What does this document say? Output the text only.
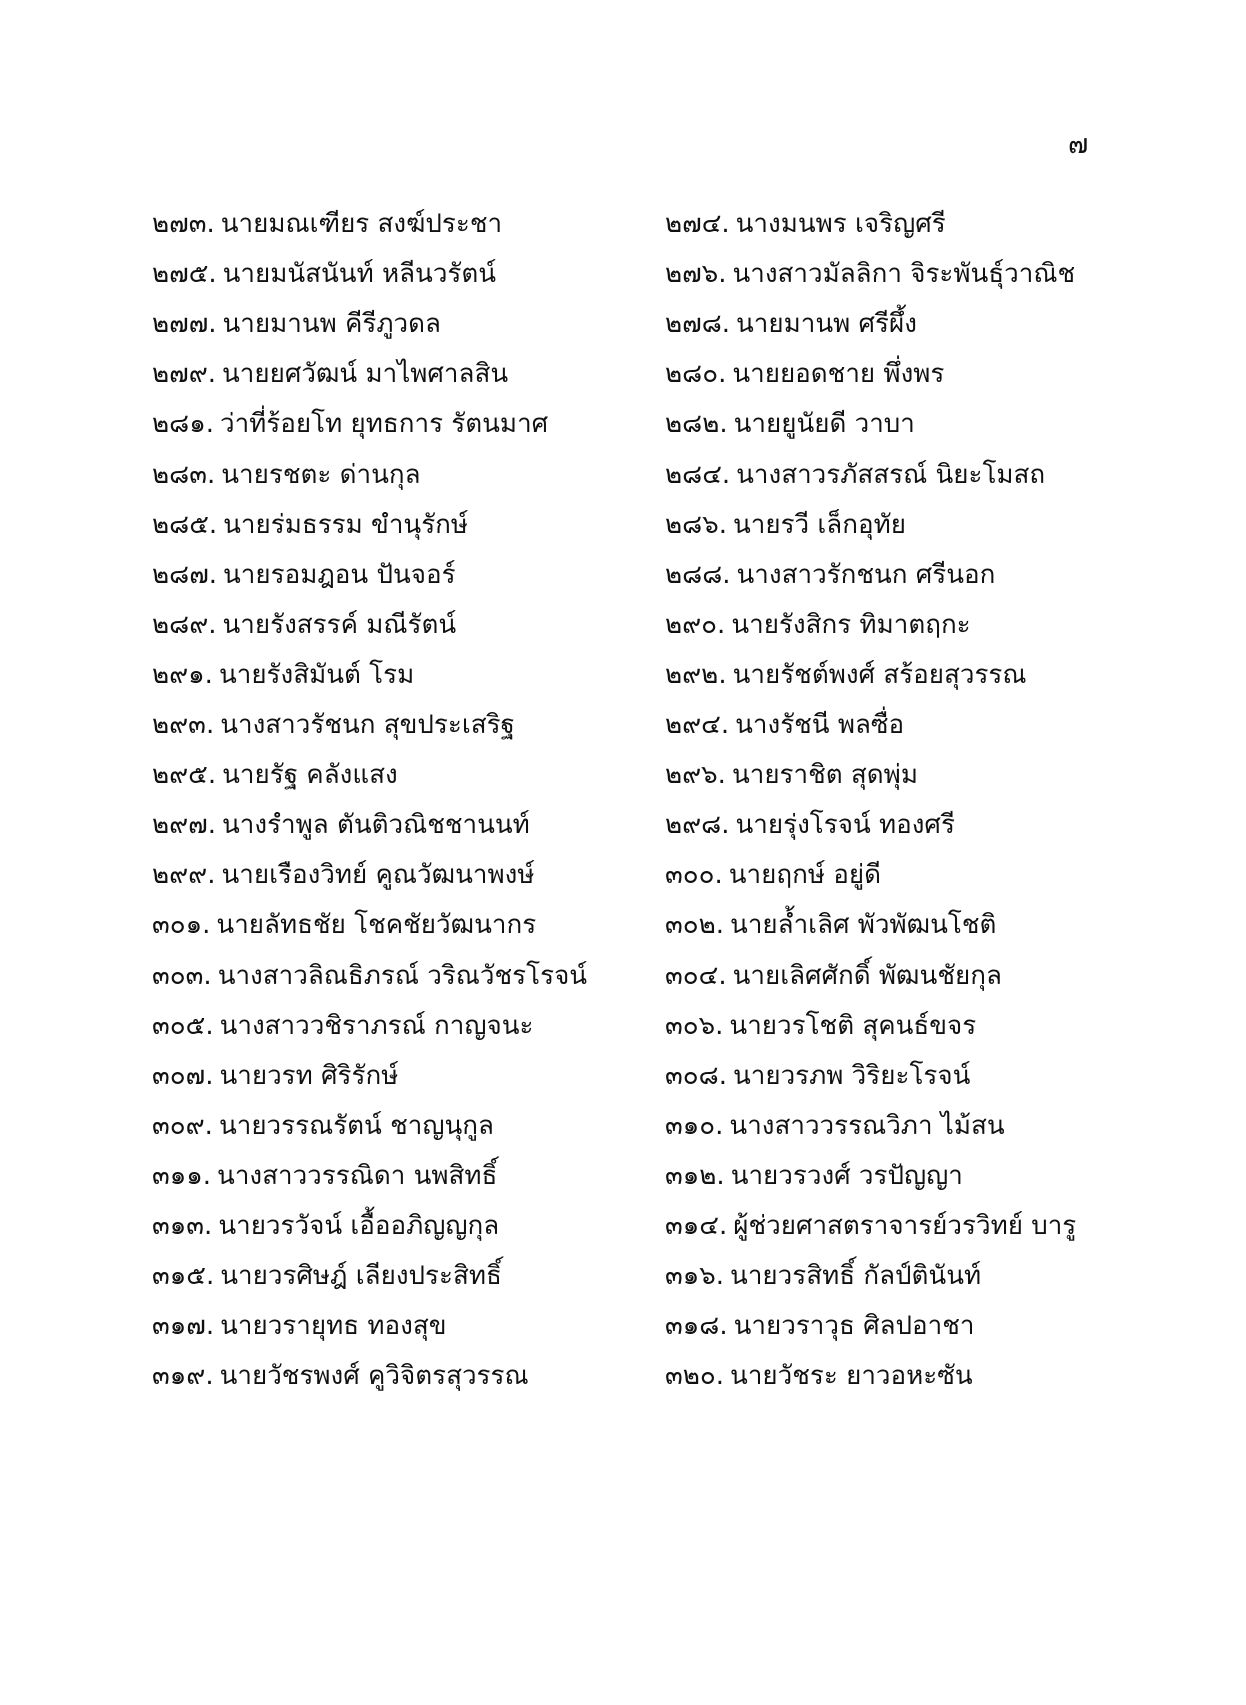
๗
๒๗๓. นายมณเฑียร สงฆ์ประชา	๒๗๔. นางมนพร เจริญศรี
๒๗๕. นายมนัสนันท์ หลีนวรัตน์	๒๗๖. นางสาวมัลลิกา จิระพันธุ์วาณิช
๒๗๗. นายมานพ คีรีภูวดล	๒๗๘. นายมานพ ศรีผึ้ง
๒๗๙. นายยศวัฒน์ มาไพศาลสิน	๒๘๐. นายยอดชาย พึ่งพร
๒๘๑. ว่าที่ร้อยโท ยุทธการ รัตนมาศ	๒๘๒. นายยูนัยดี วาบา
๒๘๓. นายรชตะ ด่านกุล	๒๘๔. นางสาวรภัสสรณ์ นิยะโมสถ
๒๘๕. นายร่มธรรม ขำนุรักษ์	๒๘๖. นายรวี เล็กอุทัย
๒๘๗. นายรอมฎอน ปันจอร์	๒๘๘. นางสาวรักชนก ศรีนอก
๒๘๙. นายรังสรรค์ มณีรัตน์	๒๙๐. นายรังสิกร ทิมาตฤกะ
๒๙๑. นายรังสิมันต์ โรม	๒๙๒. นายรัชต์พงศ์ สร้อยสุวรรณ
๒๙๓. นางสาวรัชนก สุขประเสริฐ	๒๙๔. นางรัชนี พลซื่อ
๒๙๕. นายรัฐ คลังแสง	๒๙๖. นายราชิต สุดพุ่ม
๒๙๗. นางรำพูล ตันติวณิชชานนท์	๒๙๘. นายรุ่งโรจน์ ทองศรี
๒๙๙. นายเรืองวิทย์ คูณวัฒนาพงษ์	๓๐๐. นายฤกษ์ อยู่ดี
๓๐๑. นายลัทธชัย โชคชัยวัฒนากร	๓๐๒. นายล้ำเลิศ พัวพัฒนโชติ
๓๐๓. นางสาวลิณธิภรณ์ วริณวัชรโรจน์	๓๐๔. นายเลิศศักดิ์ พัฒนชัยกุล
๓๐๕. นางสาววชิราภรณ์ กาญจนะ	๓๐๖. นายวรโชติ สุคนธ์ขจร
๓๐๗. นายวรท ศิริรักษ์	๓๐๘. นายวรภพ วิริยะโรจน์
๓๐๙. นายวรรณรัตน์ ชาญนุกูล	๓๑๐. นางสาววรรณวิภา ไม้สน
๓๑๑. นางสาววรรณิดา นพสิทธิ์	๓๑๒. นายวรวงศ์ วรปัญญา
๓๑๓. นายวรวัจน์ เอื้ออภิญญกุล	๓๑๔. ผู้ช่วยศาสตราจารย์วรวิทย์ บารู
๓๑๕. นายวรศิษฎ์ เลียงประสิทธิ์	๓๑๖. นายวรสิทธิ์ กัลป์ตินันท์
๓๑๗. นายวรายุทธ ทองสุข	๓๑๘. นายวราวุธ ศิลปอาชา
๓๑๙. นายวัชรพงศ์ คูวิจิตรสุวรรณ	๓๒๐. นายวัชระ ยาวอหะซัน
